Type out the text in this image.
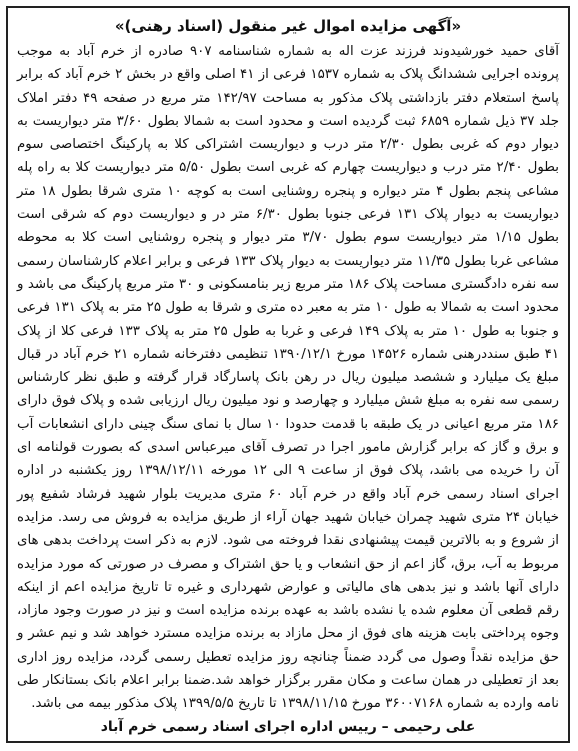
«آگهی مزایده اموال غیر منقول (اسناد رهنی)»

آقای حمید خورشیدوند فرزند عزت اله به شماره شناسنامه ۹۰۷ صادره از خرم آباد به موجب پرونده اجرایی ششدانگ پلاک به شماره ۱۵۳۷ فرعی از ۴۱ اصلی واقع در بخش ۲ خرم آباد که برابر پاسخ استعلام دفتر بازداشتی پلاک مذکور به مساحت ۱۴۲/۹۷ متر مربع در صفحه ۴۹ دفتر املاک جلد ۳۷ ذیل شماره ۶۸۵۹ ثبت گردیده است و محدود است به شمالا بطول ۳/۶۰ متر دیواریست به دیوار دوم که غربی بطول ۲/۳۰ متر درب و دیواریست اشتراکی کلا به پارکینگ اختصاصی سوم بطول ۲/۴۰ متر درب و دیواریست چهارم که غربی است بطول ۵/۵۰ متر دیواریست کلا به راه پله مشاعی پنجم بطول ۴ متر دیواره و پنجره روشنایی است به کوچه ۱۰ متری شرقا بطول ۱۸ متر دیواریست به دیوار پلاک ۱۳۱ فرعی جنوبا بطول ۶/۳۰ متر در و دیواریست دوم که شرقی است بطول ۱/۱۵ متر دیواریست سوم بطول ۳/۷۰ متر دیوار و پنجره روشنایی است کلا به محوطه مشاعی غربا بطول ۱۱/۳۵ متر دیواریست به دیوار پلاک ۱۳۳ فرعی و برابر اعلام کارشناسان رسمی سه نفره دادگستری مساحت پلاک ۱۸۶ متر مربع زیر بنامسکونی و ۳۰ متر مربع پارکینگ می باشد و محدود است به شمالا به طول ۱۰ متر به معبر ده متری و شرقا به طول ۲۵ متر به پلاک ۱۳۱ فرعی و جنوبا به طول ۱۰ متر به پلاک ۱۴۹ فرعی و غربا به طول ۲۵ متر به پلاک ۱۳۳ فرعی کلا از پلاک ۴۱ طبق سنددرهنی شماره ۱۴۵۲۶ مورخ ۱۳۹۰/۱۲/۱ تنظیمی دفترخانه شماره ۲۱ خرم آباد در قبال مبلغ یک میلیارد و ششصد میلیون ریال در رهن بانک پاسارگاد قرار گرفته و طبق نظر کارشناس رسمی سه نفره به مبلغ شش میلیارد و چهارصد و نود میلیون ریال ارزیابی شده و پلاک فوق دارای ۱۸۶ متر مربع اعیانی در یک طبقه با قدمت حدودا ۱۰ سال با نمای سنگ چینی دارای انشعابات آب و برق و گاز که برابر گزارش مامور اجرا در تصرف آقای میرعباس اسدی که بصورت قولنامه ای آن را خریده می باشد، پلاک فوق از ساعت ۹ الی ۱۲ مورخه ۱۳۹۸/۱۲/۱۱ روز یکشنبه در اداره اجرای اسناد رسمی خرم آباد واقع در خرم آباد ۶۰ متری مدیریت بلوار شهید فرشاد شفیع پور خیابان ۲۴ متری شهید چمران خیابان شهید جهان آراء از طریق مزایده به فروش می رسد. مزایده از شروع و به بالاترین قیمت پیشنهادی نقدا فروخته می شود. لازم به ذکر است پرداخت بدهی های مربوط به آب، برق، گاز اعم از حق انشعاب و یا حق اشتراک و مصرف در صورتی که مورد مزایده دارای آنها باشد و نیز بدهی های مالیاتی و عوارض شهرداری و غیره تا تاریخ مزایده اعم از اینکه رقم قطعی آن معلوم شده یا نشده باشد به عهده برنده مزایده است و نیز در صورت وجود مازاد، وجوه پرداختی بابت هزینه های فوق از محل مازاد به برنده مزایده مسترد خواهد شد و نیم عشر و حق مزایده نقداً وصول می گردد ضمناً چنانچه روز مزایده تعطیل رسمی گردد، مزایده روز اداری بعد از تعطیلی در همان ساعت و مکان مقرر برگزار خواهد شد.ضمنا برابر اعلام بانک بستانکار طی نامه وارده به شماره ۳۶۰۰۷۱۶۸ مورخ ۱۳۹۸/۱۱/۱۵ تا تاریخ ۱۳۹۹/۵/۵ پلاک مذکور بیمه می باشد.

علی رحیمی – رییس اداره اجرای اسناد رسمی خرم آباد
